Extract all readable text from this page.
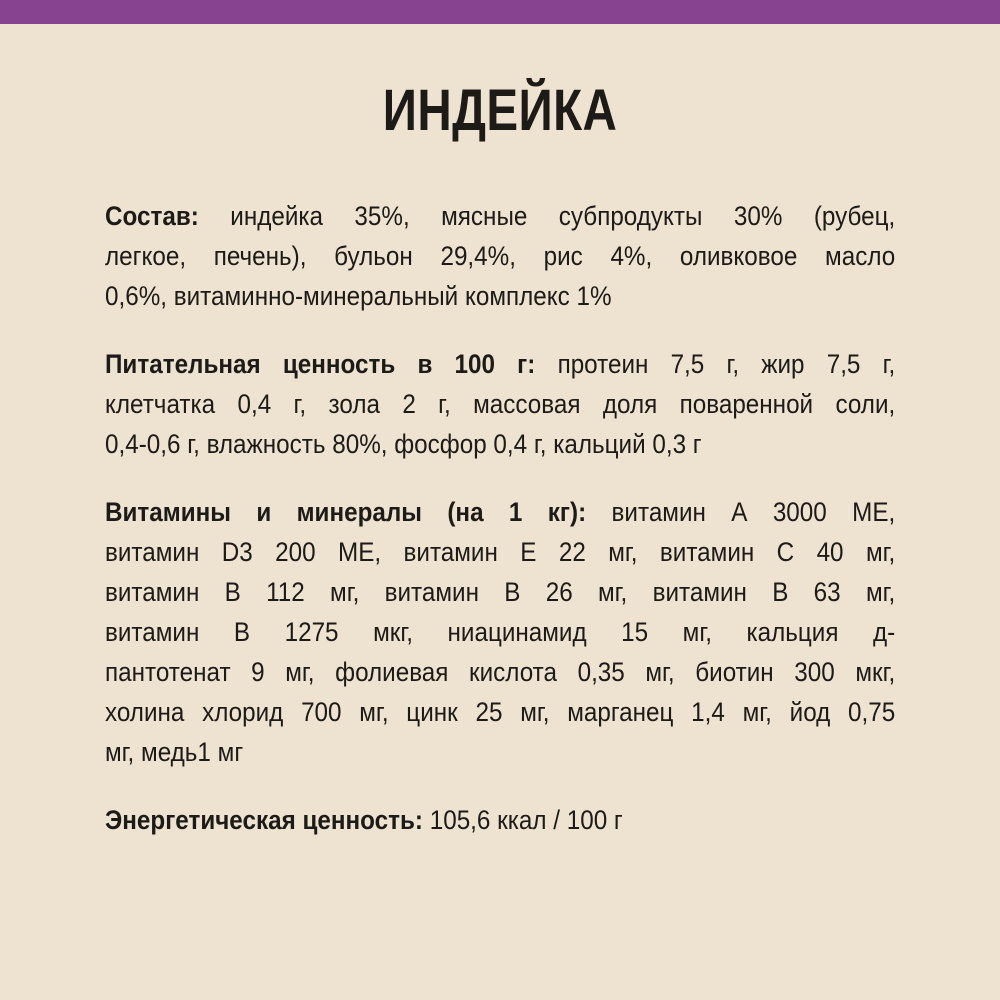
ИНДЕЙКА
Состав: индейка 35%, мясные субпродукты 30% (рубец,
легкое, печень), бульон 29,4%, рис 4%, оливковое масло
0,6%, витаминно-минеральный комплекс 1%
Питательная ценность в 100 г: протеин 7,5 г, жир 7,5 г,
клетчатка 0,4 г, зола 2 г, массовая доля поваренной соли,
0,4-0,6 г, влажность 80%, фосфор 0,4 г, кальций 0,3 г
Витамины и минералы (на 1 кг): витамин А 3000 МЕ,
витамин D3 200 МЕ, витамин Е 22 мг, витамин С 40 мг,
витамин В 112 мг, витамин В 26 мг, витамин В 63 мг,
витамин В 1275 мкг, ниацинамид 15 мг, кальция д-
пантотенат 9 мг, фолиевая кислота 0,35 мг, биотин 300 мкг,
холина хлорид 700 мг, цинк 25 мг, марганец 1,4 мг, йод 0,75
мг, медь1 мг
Энергетическая ценность: 105,6 ккал / 100 г
